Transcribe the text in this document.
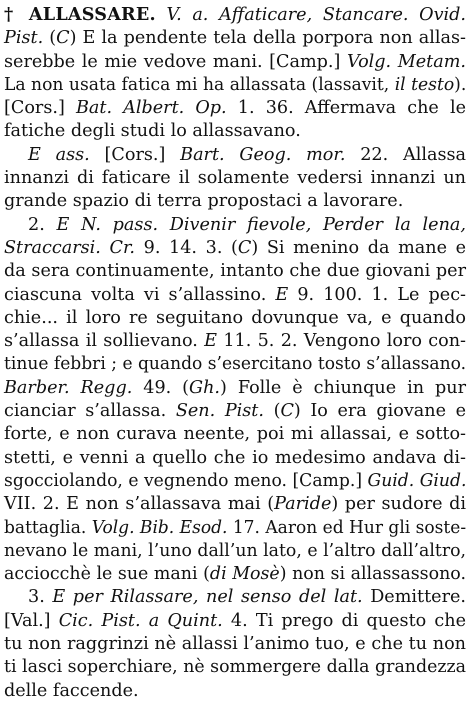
† ALLASSARE. V. a. Affaticare, Stancare. Ovid.
Pist. (C) E la pendente tela della porpora non allas-
serebbe le mie vedove mani. [Camp.] Volg. Metam.
La non usata fatica mi ha allassata (lassavit, il testo).
[Cors.] Bat. Albert. Op. 1. 36. Affermava che le
fatiche degli studi lo allassavano.
E ass. [Cors.] Bart. Geog. mor. 22. Allassa
innanzi di faticare il solamente vedersi innanzi un
grande spazio di terra propostaci a lavorare.
2. E N. pass. Divenir fievole, Perder la lena,
Straccarsi. Cr. 9. 14. 3. (C) Si menino da mane e
da sera continuamente, intanto che due giovani per
ciascuna volta vi s’allassino. E 9. 100. 1. Le pec-
chie... il loro re seguitano dovunque va, e quando
s’allassa il sollievano. E 11. 5. 2. Vengono loro con-
tinue febbri ; e quando s’esercitano tosto s’allassano.
Barber. Regg. 49. (Gh.) Folle è chiunque in pur
cianciar s’allassa. Sen. Pist. (C) Io era giovane e
forte, e non curava neente, poi mi allassai, e sotto-
stetti, e venni a quello che io medesimo andava di-
sgocciolando, e vegnendo meno. [Camp.] Guid. Giud.
VII. 2. E non s’allassava mai (Paride) per sudore di
battaglia. Volg. Bib. Esod. 17. Aaron ed Hur gli soste-
nevano le mani, l’uno dall’un lato, e l’altro dall’altro,
acciocchè le sue mani (di Mosè) non si allassassono.
3. E per Rilassare, nel senso del lat. Demittere.
[Val.] Cic. Pist. a Quint. 4. Ti prego di questo che
tu non raggrinzi nè allassi l’animo tuo, e che tu non
ti lasci soperchiare, nè sommergere dalla grandezza
delle faccende.
